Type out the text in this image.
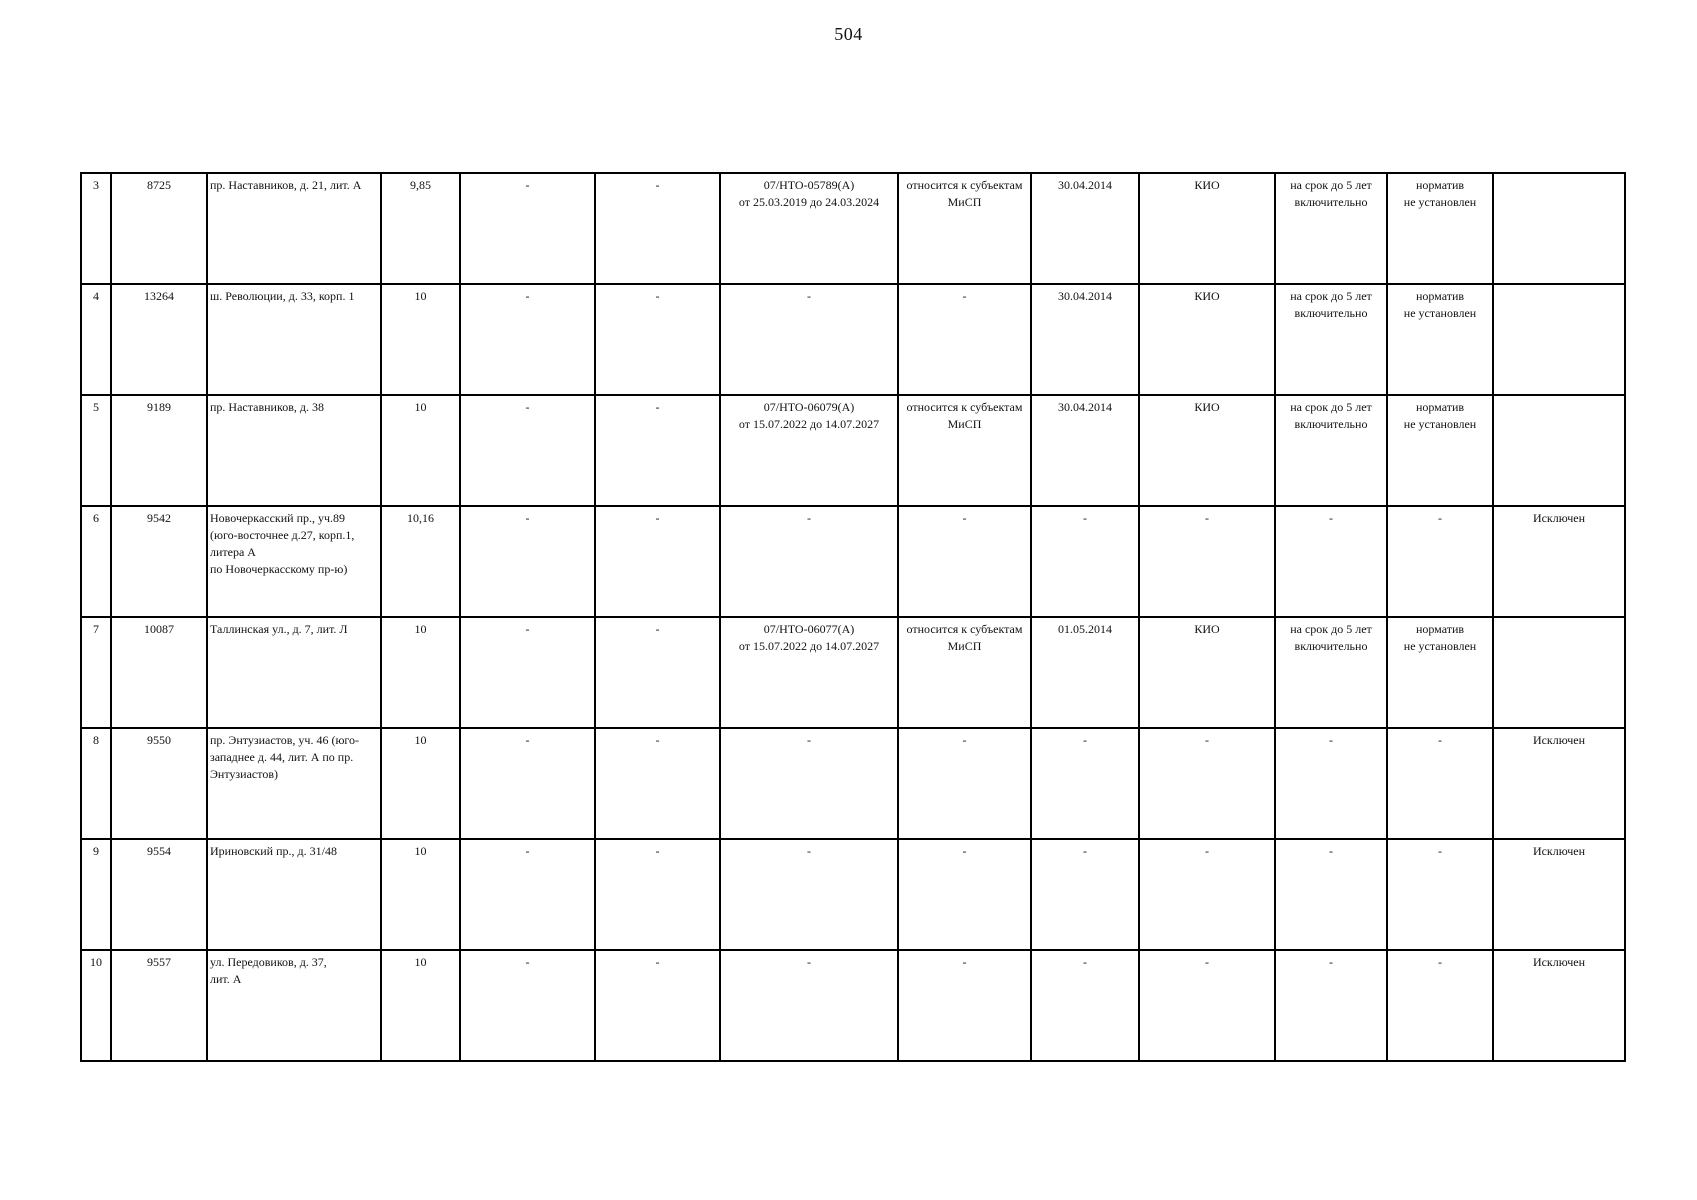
504
3	8725	пр. Наставников, д. 21, лит. А	9,85	-	-	07/НТО-05789(А)
от 25.03.2019 до 24.03.2024	относится к субъектам
МиСП	30.04.2014	КИО	на срок до 5 лет
включительно	норматив
не установлен	
4	13264	ш. Революции, д. 33, корп. 1	10	-	-	-	-	30.04.2014	КИО	на срок до 5 лет
включительно	норматив
не установлен	
5	9189	пр. Наставников, д. 38	10	-	-	07/НТО-06079(А)
от 15.07.2022 до 14.07.2027	относится к субъектам
МиСП	30.04.2014	КИО	на срок до 5 лет
включительно	норматив
не установлен	
6	9542	Новочеркасский пр., уч.89
(юго-восточнее д.27, корп.1,
литера А
по Новочеркасскому пр-ю)	10,16	-	-	-	-	-	-	-	-	Исключен
7	10087	Таллинская ул., д. 7, лит. Л	10	-	-	07/НТО-06077(А)
от 15.07.2022 до 14.07.2027	относится к субъектам
МиСП	01.05.2014	КИО	на срок до 5 лет
включительно	норматив
не установлен	
8	9550	пр. Энтузиастов, уч. 46 (юго-
западнее д. 44, лит. А по пр.
Энтузиастов)	10	-	-	-	-	-	-	-	-	Исключен
9	9554	Ириновский пр., д. 31/48	10	-	-	-	-	-	-	-	-	Исключен
10	9557	ул. Передовиков, д. 37,
лит. А	10	-	-	-	-	-	-	-	-	Исключен
